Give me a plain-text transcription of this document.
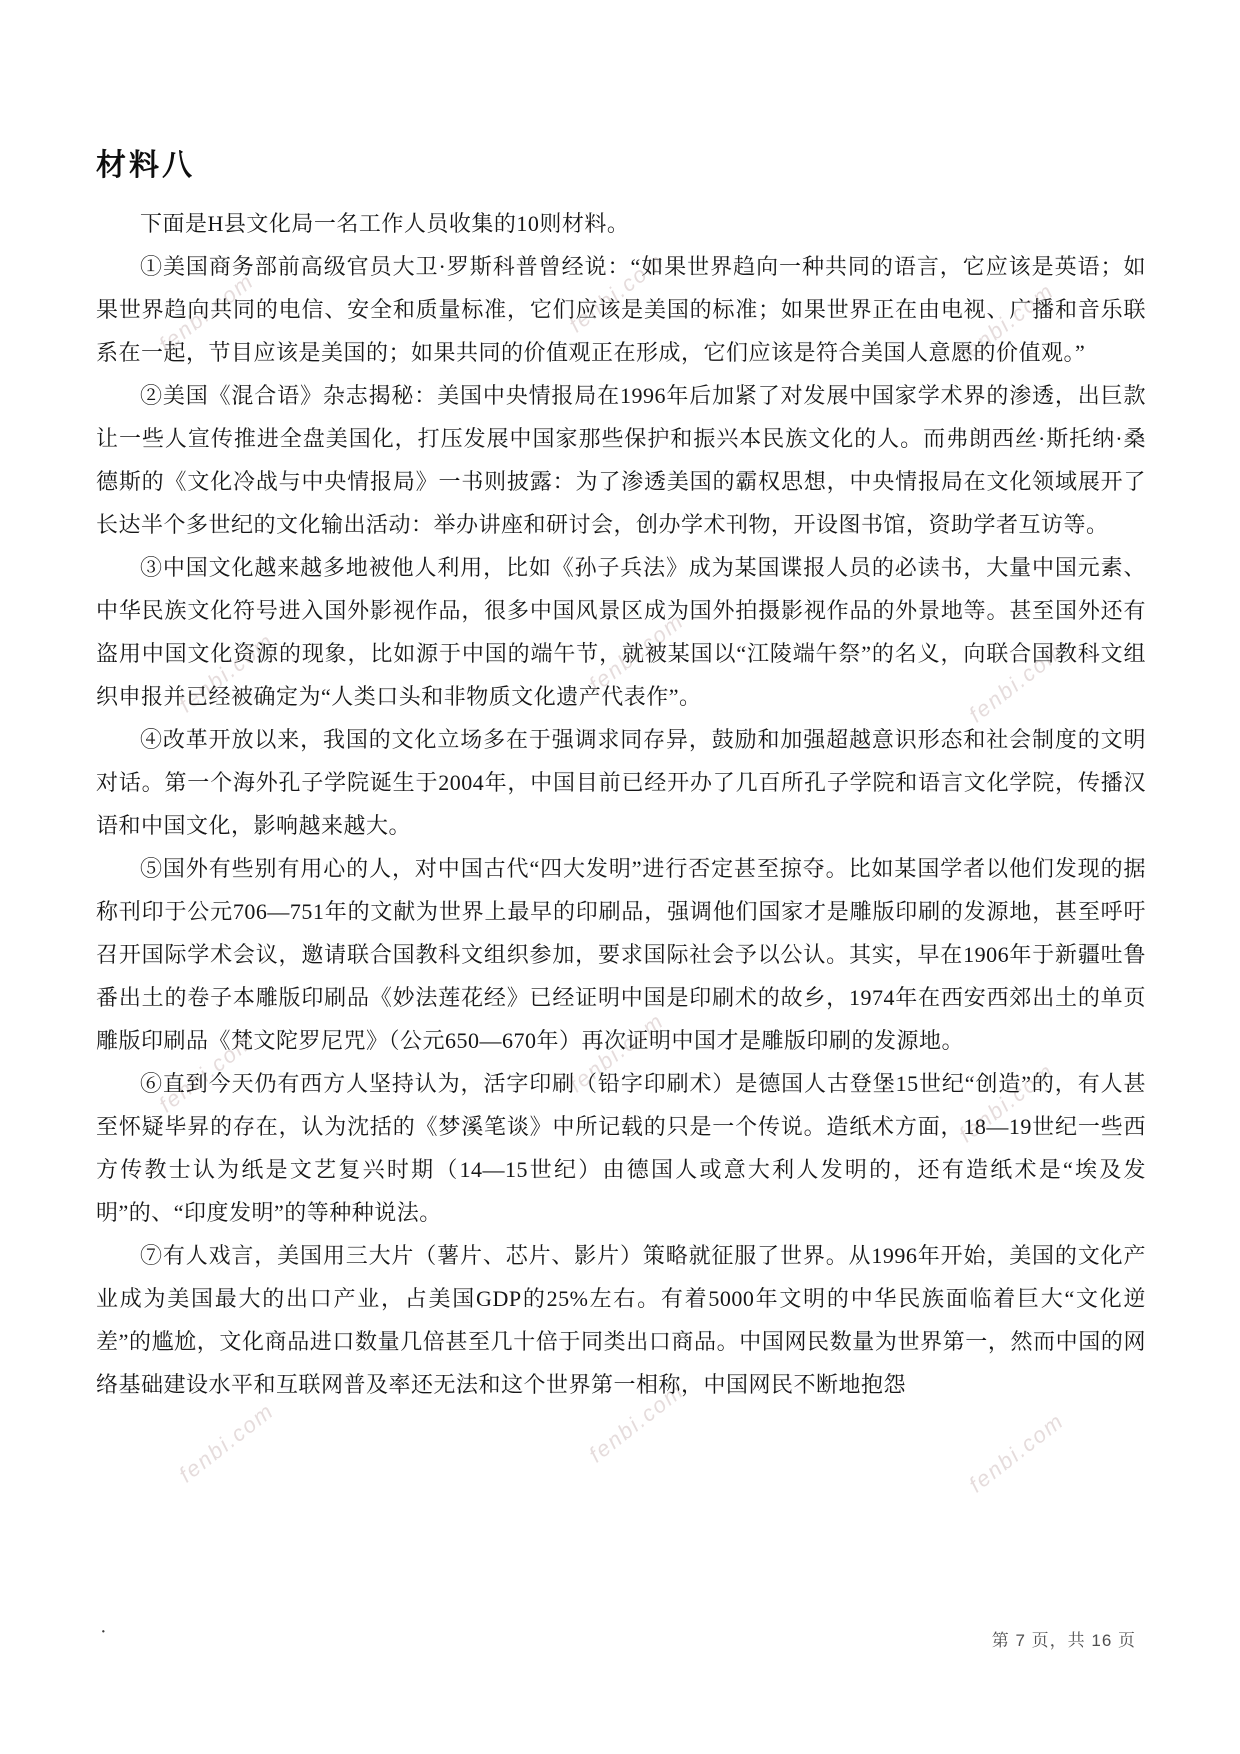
fenbi.com	fenbi.com	fenbi.com
fenbi.com	fenbi.com	fenbi.com
fenbi.com	fenbi.com
fenbi.com
fenbi.com	fenbi.com	fenbi.com
材料八

下面是H县文化局一名工作人员收集的10则材料。

①美国商务部前高级官员大卫·罗斯科普曾经说：“如果世界趋向一种共同的语言，它应该是英语；如果世界趋向共同的电信、安全和质量标准，它们应该是美国的标准；如果世界正在由电视、广播和音乐联系在一起，节目应该是美国的；如果共同的价值观正在形成，它们应该是符合美国人意愿的价值观。”

②美国《混合语》杂志揭秘：美国中央情报局在1996年后加紧了对发展中国家学术界的渗透，出巨款让一些人宣传推进全盘美国化，打压发展中国家那些保护和振兴本民族文化的人。而弗朗西丝·斯托纳·桑德斯的《文化冷战与中央情报局》一书则披露：为了渗透美国的霸权思想，中央情报局在文化领域展开了长达半个多世纪的文化输出活动：举办讲座和研讨会，创办学术刊物，开设图书馆，资助学者互访等。

③中国文化越来越多地被他人利用，比如《孙子兵法》成为某国谍报人员的必读书，大量中国元素、中华民族文化符号进入国外影视作品，很多中国风景区成为国外拍摄影视作品的外景地等。甚至国外还有盗用中国文化资源的现象，比如源于中国的端午节，就被某国以“江陵端午祭”的名义，向联合国教科文组织申报并已经被确定为“人类口头和非物质文化遗产代表作”。

④改革开放以来，我国的文化立场多在于强调求同存异，鼓励和加强超越意识形态和社会制度的文明对话。第一个海外孔子学院诞生于2004年，中国目前已经开办了几百所孔子学院和语言文化学院，传播汉语和中国文化，影响越来越大。

⑤国外有些别有用心的人，对中国古代“四大发明”进行否定甚至掠夺。比如某国学者以他们发现的据称刊印于公元706—751年的文献为世界上最早的印刷品，强调他们国家才是雕版印刷的发源地，甚至呼吁召开国际学术会议，邀请联合国教科文组织参加，要求国际社会予以公认。其实，早在1906年于新疆吐鲁番出土的卷子本雕版印刷品《妙法莲花经》已经证明中国是印刷术的故乡，1974年在西安西郊出土的单页雕版印刷品《梵文陀罗尼咒》（公元650—670年）再次证明中国才是雕版印刷的发源地。

⑥直到今天仍有西方人坚持认为，活字印刷（铅字印刷术）是德国人古登堡15世纪“创造”的，有人甚至怀疑毕昇的存在，认为沈括的《梦溪笔谈》中所记载的只是一个传说。造纸术方面，18—19世纪一些西方传教士认为纸是文艺复兴时期（14—15世纪）由德国人或意大利人发明的，还有造纸术是“埃及发明”的、“印度发明”的等种种说法。

⑦有人戏言，美国用三大片（薯片、芯片、影片）策略就征服了世界。从1996年开始，美国的文化产业成为美国最大的出口产业，占美国GDP的25%左右。有着5000年文明的中华民族面临着巨大“文化逆差”的尴尬，文化商品进口数量几倍甚至几十倍于同类出口商品。中国网民数量为世界第一，然而中国的网络基础建设水平和互联网普及率还无法和这个世界第一相称，中国网民不断地抱怨

·	第 7 页，共 16 页
